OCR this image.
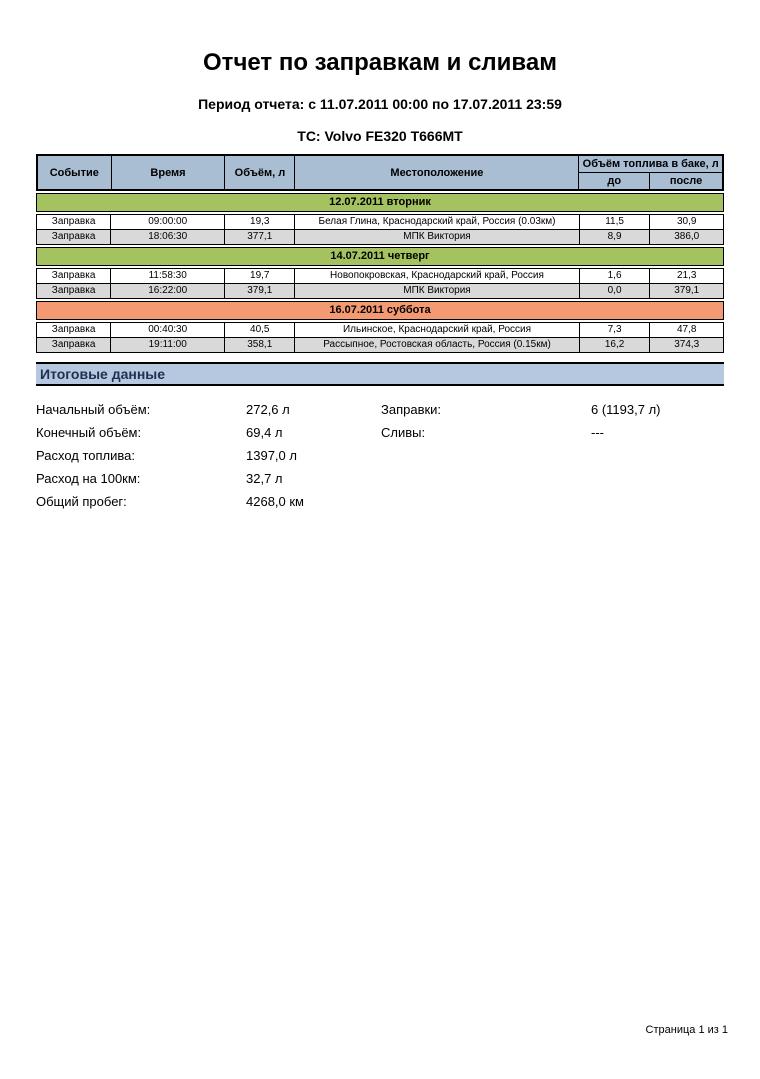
Отчет по заправкам и сливам
Период отчета: с 11.07.2011 00:00 по 17.07.2011 23:59
ТС: Volvo FE320 Т666МТ
Событие	Время	Объём, л	Местоположение	Объём топлива в баке, л	
				до	после
12.07.2011 вторник
Заправка	09:00:00	19,3	Белая Глина, Краснодарский край, Россия (0.03км)	11,5	30,9
Заправка	18:06:30	377,1	МПК Виктория	8,9	386,0
14.07.2011 четверг
Заправка	11:58:30	19,7	Новопокровская, Краснодарский край, Россия	1,6	21,3
Заправка	16:22:00	379,1	МПК Виктория	0,0	379,1
16.07.2011 суббота
Заправка	00:40:30	40,5	Ильинское, Краснодарский край, Россия	7,3	47,8
Заправка	19:11:00	358,1	Рассыпное, Ростовская область, Россия (0.15км)	16,2	374,3
Итоговые данные
Начальный объём:	272,6 л	Заправки:	6 (1193,7 л)
Конечный объём:	69,4 л	Сливы:	---
Расход топлива:	1397,0 л
Расход на 100км:	32,7 л
Общий пробег:	4268,0 км
Страница 1 из 1
